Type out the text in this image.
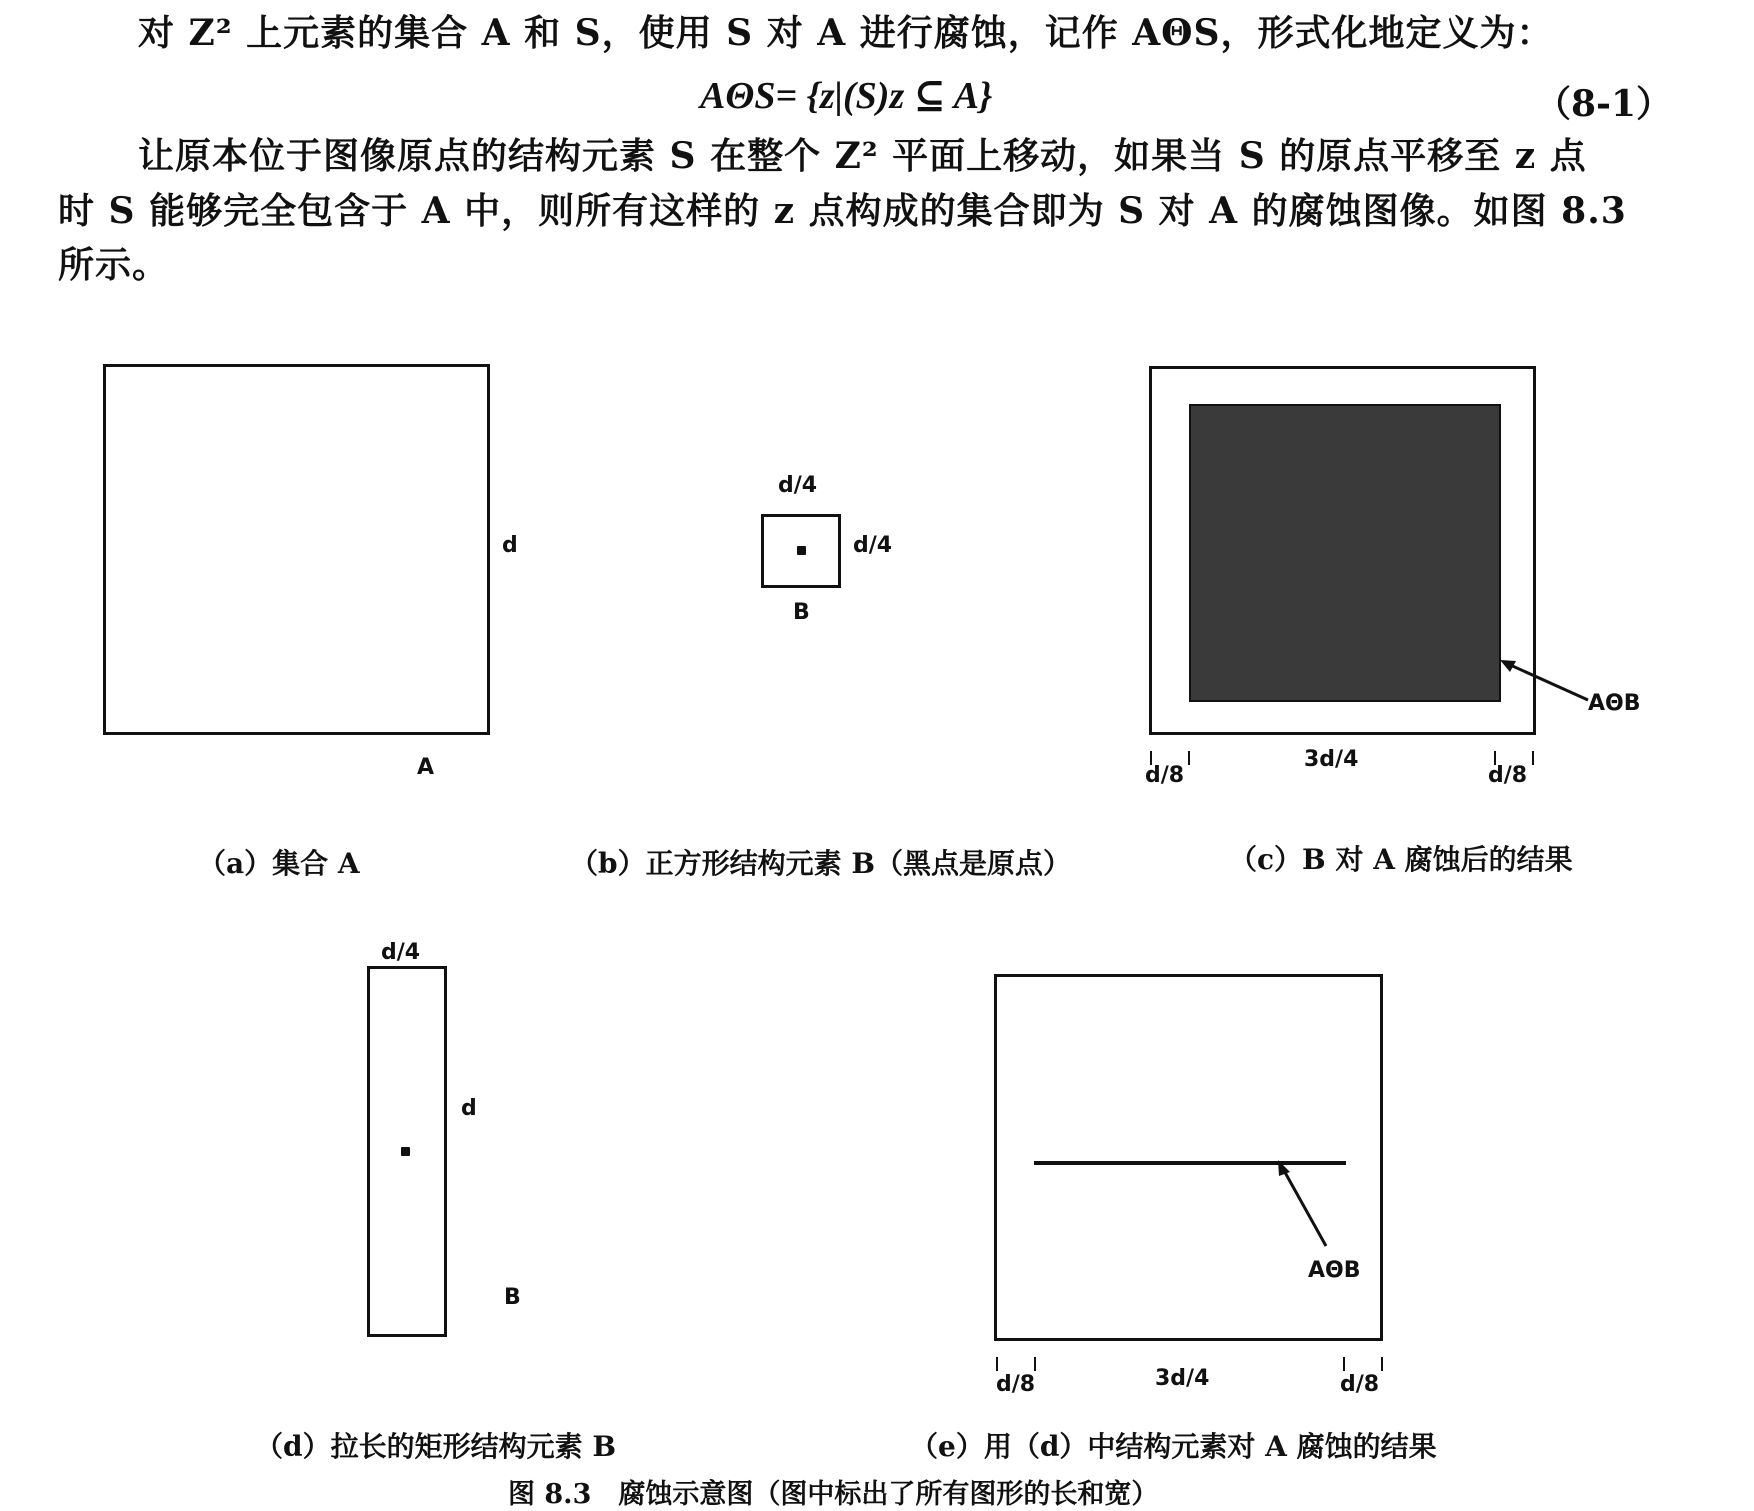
对 Z² 上元素的集合 A 和 S，使用 S 对 A 进行腐蚀，记作 AΘS，形式化地定义为：

AΘS= {z|(S)z ⊆ A}	（8-1）

让原本位于图像原点的结构元素 S 在整个 Z² 平面上移动，如果当 S 的原点平移至 z 点

时 S 能够完全包含于 A 中，则所有这样的 z 点构成的集合即为 S 对 A 的腐蚀图像。如图 8.3

所示。

d
A
（a）集合 A
d/4
d/4
B
（b）正方形结构元素 B（黑点是原点）
AΘB
d/8
3d/4
d/8
（c）B 对 A 腐蚀后的结果
d/4
d
B
（d）拉长的矩形结构元素 B
AΘB
d/8	3d/4	d/8
（e）用（d）中结构元素对 A 腐蚀的结果
图 8.3　腐蚀示意图（图中标出了所有图形的长和宽）
